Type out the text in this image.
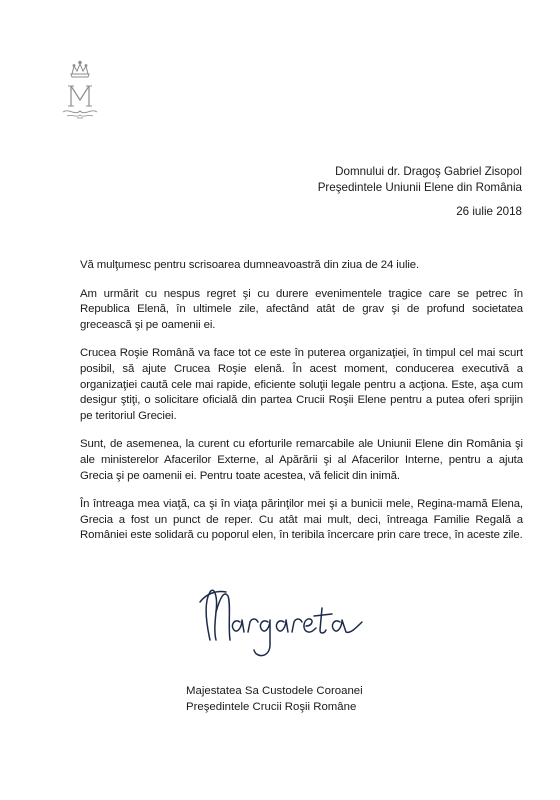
Domnului dr. Dragoş Gabriel Zisopol
Preşedintele Uniunii Elene din România
26 iulie 2018

Vă mulţumesc pentru scrisoarea dumneavoastră din ziua de 24 iulie.

Am urmărit cu nespus regret şi cu durere evenimentele tragice care se petrec în Republica Elenă, în ultimele zile, afectând atât de grav şi de profund societatea grecească şi pe oamenii ei.

Crucea Roşie Română va face tot ce este în puterea organizaţiei, în timpul cel mai scurt posibil, să ajute Crucea Roşie elenă. În acest moment, conducerea executivă a organizaţiei caută cele mai rapide, eficiente soluţii legale pentru a acţiona. Este, aşa cum desigur ştiţi, o solicitare oficială din partea Crucii Roşii Elene pentru a putea oferi sprijin pe teritoriul Greciei.

Sunt, de asemenea, la curent cu eforturile remarcabile ale Uniunii Elene din România şi ale ministerelor Afacerilor Externe, al Apărării şi al Afacerilor Interne, pentru a ajuta Grecia şi pe oamenii ei. Pentru toate acestea, vă felicit din inimă.

În întreaga mea viaţă, ca şi în viaţa părinţilor mei şi a bunicii mele, Regina-mamă Elena, Grecia a fost un punct de reper. Cu atât mai mult, deci, întreaga Familie Regală a României este solidară cu poporul elen, în teribila încercare prin care trece, în aceste zile.

Majestatea Sa Custodele Coroanei
Preşedintele Crucii Roşii Române
